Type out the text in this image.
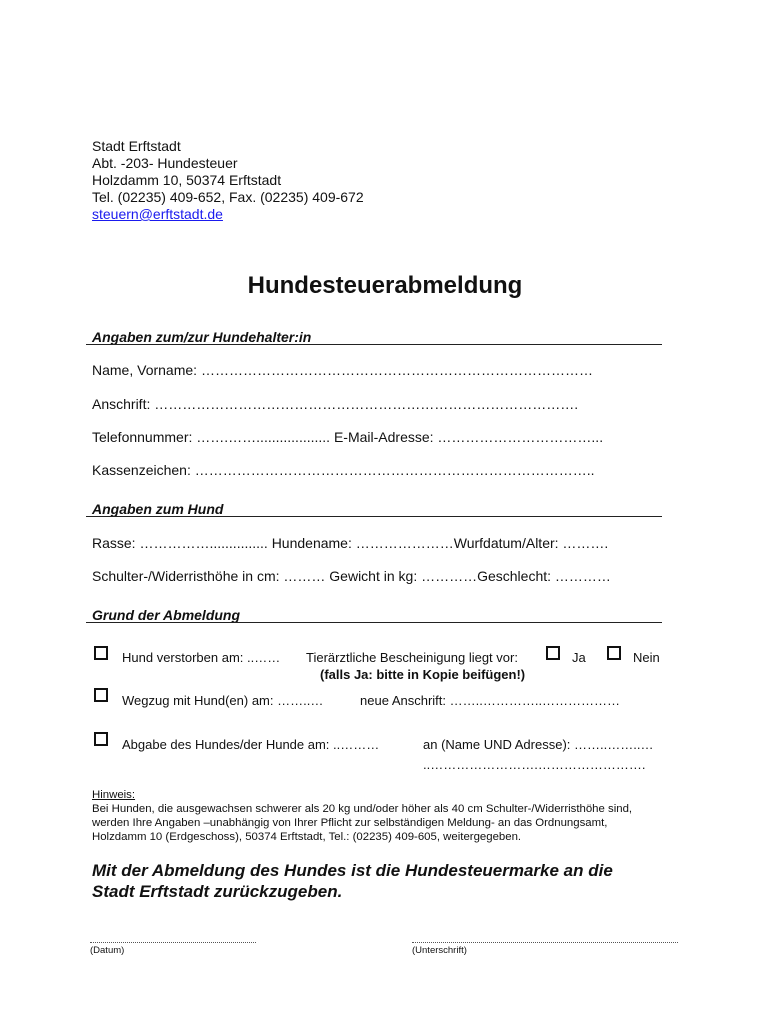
Stadt Erftstadt
Abt. -203- Hundesteuer
Holzdamm 10, 50374 Erftstadt
Tel. (02235) 409-652, Fax. (02235) 409-672
steuern@erftstadt.de
Hundesteuerabmeldung
Angaben zum/zur Hundehalter:in
Name, Vorname: …………………………………………………………………………
Anschrift: ……………………………………………………………………………….
Telefonnummer: …….……................... E-Mail-Adresse: ……………………………...
Kassenzeichen: …………………………………………………………………………..
Angaben zum Hund
Rasse: ……………............... Hundename: …………………Wurfdatum/Alter: ……….
Schulter-/Widerristhöhe in cm: ……… Gewicht in kg: …………Geschlecht: …………
Grund der Abmeldung
Hund verstorben am: ..…… Tierärztliche Bescheinigung liegt vor:	Ja	Nein
(falls Ja: bitte in Kopie beifügen!)
Wegzug mit Hund(en) am: ……..…	neue Anschrift: ……..…………..………………
Abgabe des Hundes/der Hunde am: ..………	an (Name UND Adresse): ……..……..…
..…………………….…………………….
Hinweis:
Bei Hunden, die ausgewachsen schwerer als 20 kg und/oder höher als 40 cm Schulter-/Widerristhöhe sind,
werden Ihre Angaben –unabhängig von Ihrer Pflicht zur selbständigen Meldung- an das Ordnungsamt,
Holzdamm 10 (Erdgeschoss), 50374 Erftstadt, Tel.: (02235) 409-605, weitergegeben.
Mit der Abmeldung des Hundes ist die Hundesteuermarke an die
Stadt Erftstadt zurückzugeben.
(Datum)	(Unterschrift)
